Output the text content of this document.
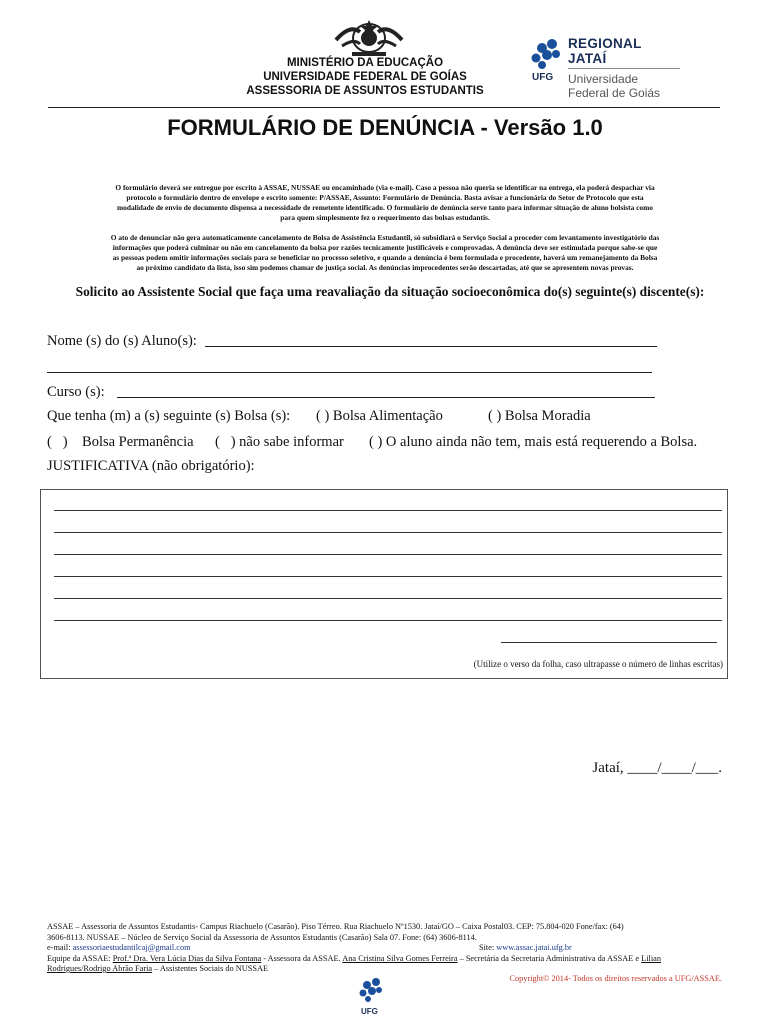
MINISTÉRIO DA EDUCAÇÃO
UNIVERSIDADE FEDERAL DE GOÍAS
ASSESSORIA DE ASSUNTOS ESTUDANTIS
UFG
REGIONAL JATAÍ
Universidade
Federal de Goiás
FORMULÁRIO DE DENÚNCIA - Versão 1.0
O formulário deverá ser entregue por escrito à ASSAE, NUSSAE ou encaminhado (via e-mail). Caso a pessoa não queria se identificar na entrega, ela poderá despachar via
protocolo o formulário dentro de envelope e escrito somente: P/ASSAE, Assunto: Formulário de Denúncia. Basta avisar a funcionária do Setor de Protocolo que esta
modalidade de envio de documento dispensa a necessidade de remetente identificado. O formulário de denúncia serve tanto para informar situação de aluno bolsista como
para quem simplesmente fez o requerimento das bolsas estudantis.
O ato de denunciar não gera automaticamente cancelamento de Bolsa de Assistência Estudantil, só subsidiará o Serviço Social a proceder com levantamento investigatório das
informações que poderá culminar ou não em cancelamento da bolsa por razões tecnicamente justificáveis e comprovadas. A denúncia deve ser estimulada porque sabe-se que
as pessoas podem omitir informações sociais para se beneficiar no processo seletivo, e quando a denúncia é bem formulada e procedente, haverá um remanejamento da Bolsa
ao próximo candidato da lista, isso sim podemos chamar de justiça social. As denúncias improcedentes serão descartadas, até que se apresentem novas provas.
Solicito ao Assistente Social que faça uma reavaliação da situação socioeconômica do(s) seguinte(s) discente(s):
Nome (s) do (s) Aluno(s):
Curso (s):
Que tenha (m) a (s) seguinte (s) Bolsa (s): ( ) Bolsa Alimentação	( ) Bolsa Moradia
(   )    Bolsa Permanência (   ) não sabe informar ( ) O aluno ainda não tem, mais está requerendo a Bolsa.
JUSTIFICATIVA (não obrigatório):
(Utilize o verso da folha, caso ultrapasse o número de linhas escritas)
Jataí, ____/____/___.
ASSAE – Assessoria de Assuntos Estudantis- Campus Riachuelo (Casarão). Piso Térreo. Rua Riachuelo Nº1530. Jataí/GO – Caixa Postal03. CEP: 75.804-020 Fone/fax: (64)
3606-8113. NUSSAE – Núcleo de Serviço Social da Assessoria de Assuntos Estudantis (Casarão) Sala 07. Fone: (64) 3606-8114.
e-mail: assessoriaestudantilcaj@gmail.com	Site: www.assac.jatai.ufg.br
Equipe da ASSAE: Prof.ª Dra. Vera Lúcia Dias da Silva Fontana - Assessora da ASSAE. Ana Cristina Silva Gomes Ferreira – Secretária da Secretaria Administrativa da ASSAE e Lilian
Rodrigues/Rodrigo Abrão Faria – Assistentes Sociais do NUSSAE
Copyright© 2014- Todos os direitos reservados a UFG/ASSAE.
UFG
